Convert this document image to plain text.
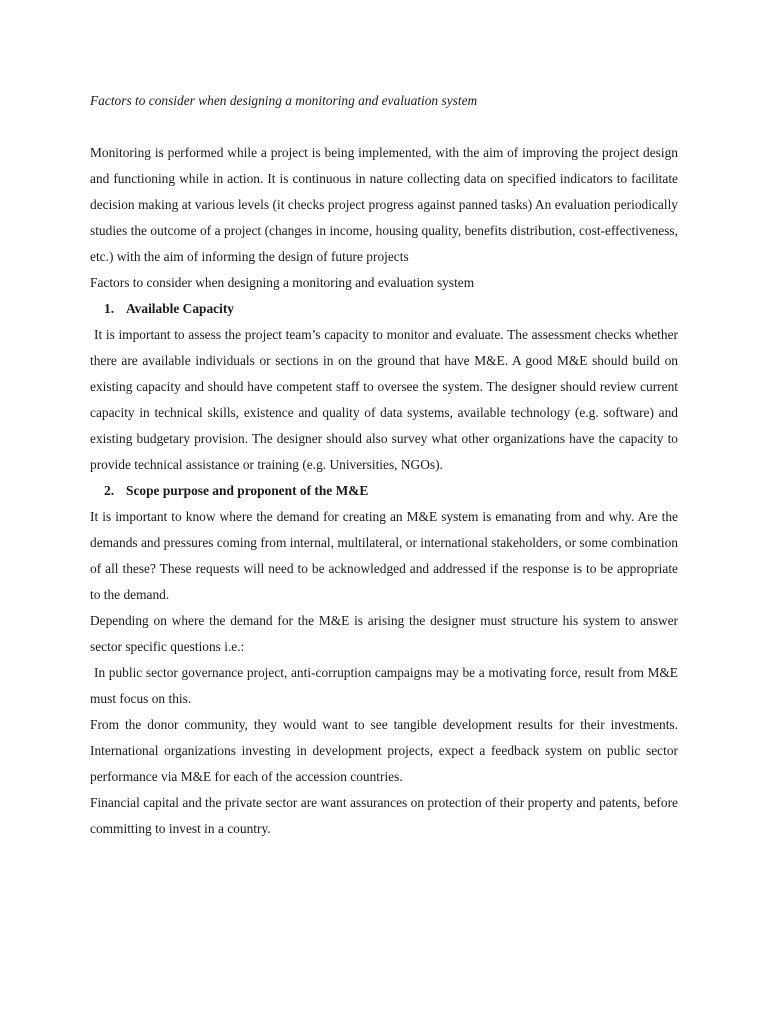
Factors to consider when designing a monitoring and evaluation system

Monitoring is performed while a project is being implemented, with the aim of improving the project design and functioning while in action. It is continuous in nature collecting data on specified indicators to facilitate decision making at various levels (it checks project progress against panned tasks) An evaluation periodically studies the outcome of a project (changes in income, housing quality, benefits distribution, cost-effectiveness, etc.) with the aim of informing the design of future projects

Factors to consider when designing a monitoring and evaluation system

1. Available Capacity

It is important to assess the project team’s capacity to monitor and evaluate. The assessment checks whether there are available individuals or sections in on the ground that have M&E. A good M&E should build on existing capacity and should have competent staff to oversee the system. The designer should review current capacity in technical skills, existence and quality of data systems, available technology (e.g. software) and existing budgetary provision. The designer should also survey what other organizations have the capacity to provide technical assistance or training (e.g. Universities, NGOs).

2. Scope purpose and proponent of the M&E

It is important to know where the demand for creating an M&E system is emanating from and why. Are the demands and pressures coming from internal, multilateral, or international stakeholders, or some combination of all these? These requests will need to be acknowledged and addressed if the response is to be appropriate to the demand.

Depending on where the demand for the M&E is arising the designer must structure his system to answer sector specific questions i.e.:

In public sector governance project, anti-corruption campaigns may be a motivating force, result from M&E must focus on this.

From the donor community, they would want to see tangible development results for their investments. International organizations investing in development projects, expect a feedback system on public sector performance via M&E for each of the accession countries.

Financial capital and the private sector are want assurances on protection of their property and patents, before committing to invest in a country.
